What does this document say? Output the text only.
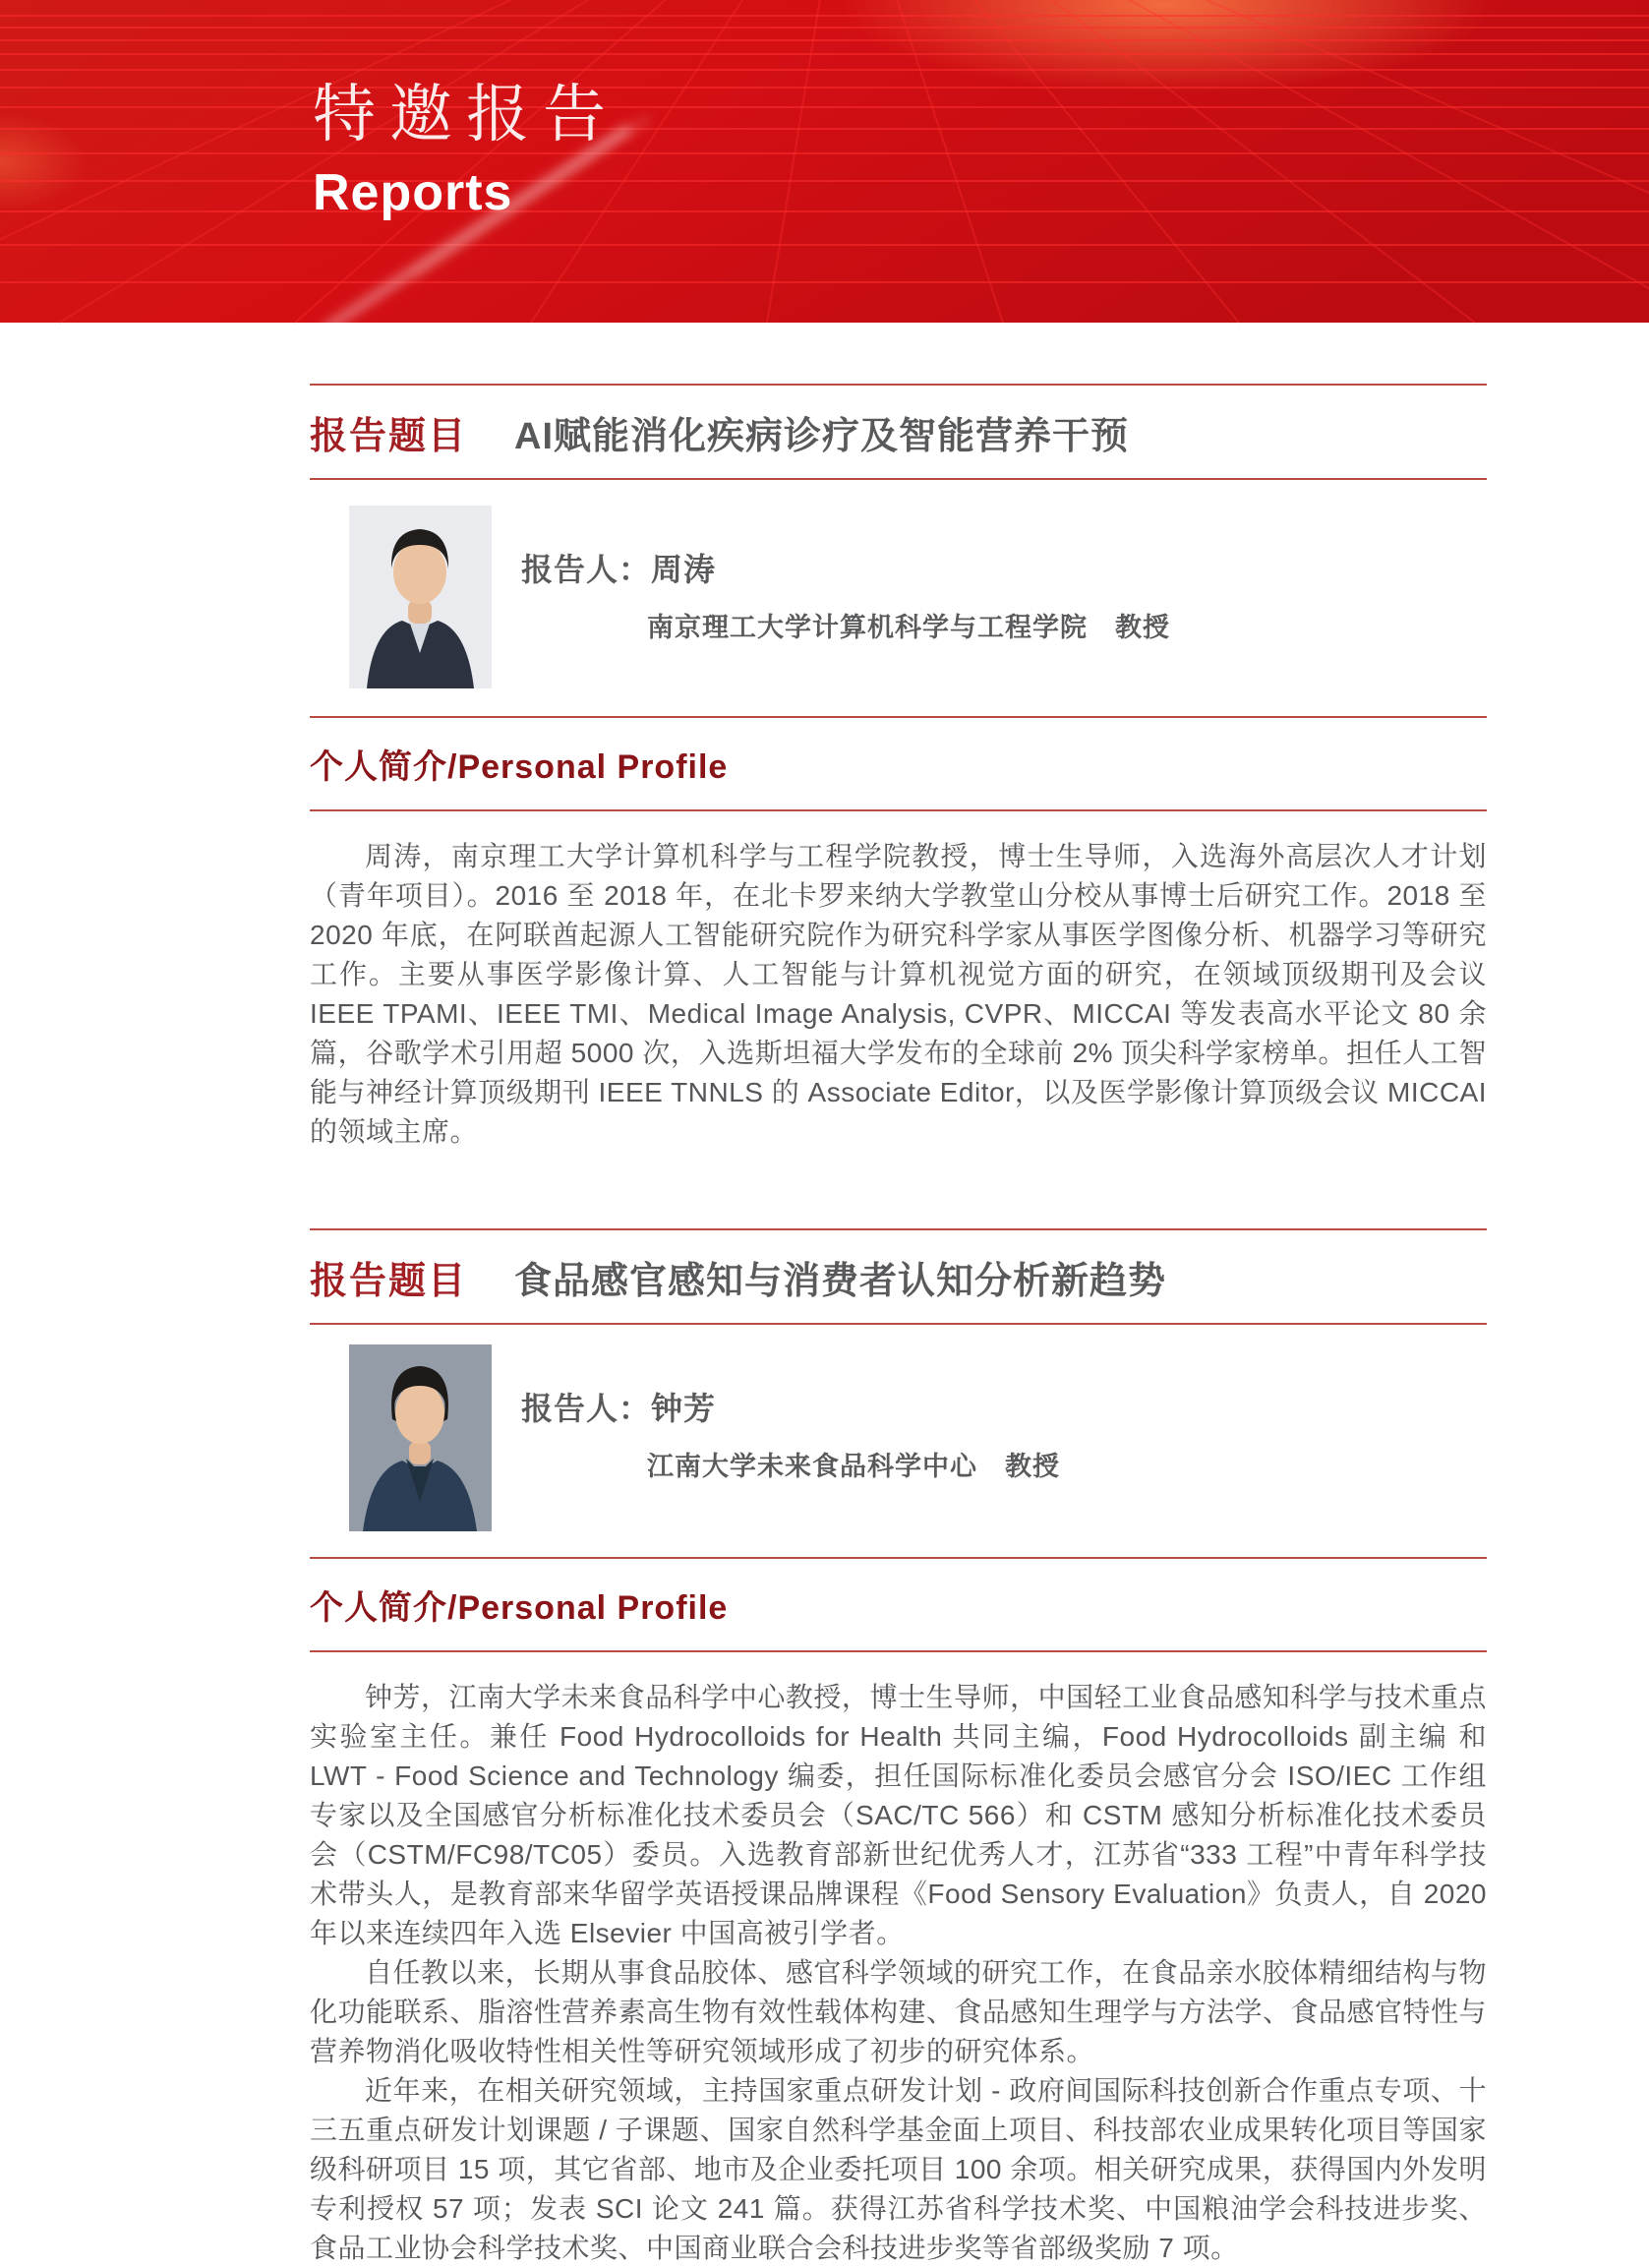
特邀报告
Reports
报告题目 AI赋能消化疾病诊疗及智能营养干预
报告人：周涛
南京理工大学计算机科学与工程学院　教授
个人简介/Personal Profile

周涛，南京理工大学计算机科学与工程学院教授，博士生导师，入选海外高层次人才计划（青年项目）。2016 至 2018 年，在北卡罗来纳大学教堂山分校从事博士后研究工作。2018 至 2020 年底，在阿联酋起源人工智能研究院作为研究科学家从事医学图像分析、机器学习等研究工作。主要从事医学影像计算、人工智能与计算机视觉方面的研究，在领域顶级期刊及会议 IEEE TPAMI、IEEE TMI、Medical Image Analysis, CVPR、MICCAI 等发表高水平论文 80 余篇，谷歌学术引用超 5000 次，入选斯坦福大学发布的全球前 2% 顶尖科学家榜单。担任人工智能与神经计算顶级期刊 IEEE TNNLS 的 Associate Editor，以及医学影像计算顶级会议 MICCAI 的领域主席。

报告题目 食品感官感知与消费者认知分析新趋势
报告人：钟芳
江南大学未来食品科学中心　教授
个人简介/Personal Profile

钟芳，江南大学未来食品科学中心教授，博士生导师，中国轻工业食品感知科学与技术重点实验室主任。兼任 Food Hydrocolloids for Health 共同主编，Food Hydrocolloids 副主编 和 LWT - Food Science and Technology 编委，担任国际标准化委员会感官分会 ISO/IEC 工作组专家以及全国感官分析标准化技术委员会（SAC/TC 566）和 CSTM 感知分析标准化技术委员会（CSTM/FC98/TC05）委员。入选教育部新世纪优秀人才，江苏省“333 工程”中青年科学技术带头人，是教育部来华留学英语授课品牌课程《Food Sensory Evaluation》负责人，自 2020 年以来连续四年入选 Elsevier 中国高被引学者。

自任教以来，长期从事食品胶体、感官科学领域的研究工作，在食品亲水胶体精细结构与物化功能联系、脂溶性营养素高生物有效性载体构建、食品感知生理学与方法学、食品感官特性与营养物消化吸收特性相关性等研究领域形成了初步的研究体系。

近年来，在相关研究领域，主持国家重点研发计划 - 政府间国际科技创新合作重点专项、十三五重点研发计划课题 / 子课题、国家自然科学基金面上项目、科技部农业成果转化项目等国家级科研项目 15 项，其它省部、地市及企业委托项目 100 余项。相关研究成果，获得国内外发明专利授权 57 项；发表 SCI 论文 241 篇。获得江苏省科学技术奖、中国粮油学会科技进步奖、食品工业协会科学技术奖、中国商业联合会科技进步奖等省部级奖励 7 项。
